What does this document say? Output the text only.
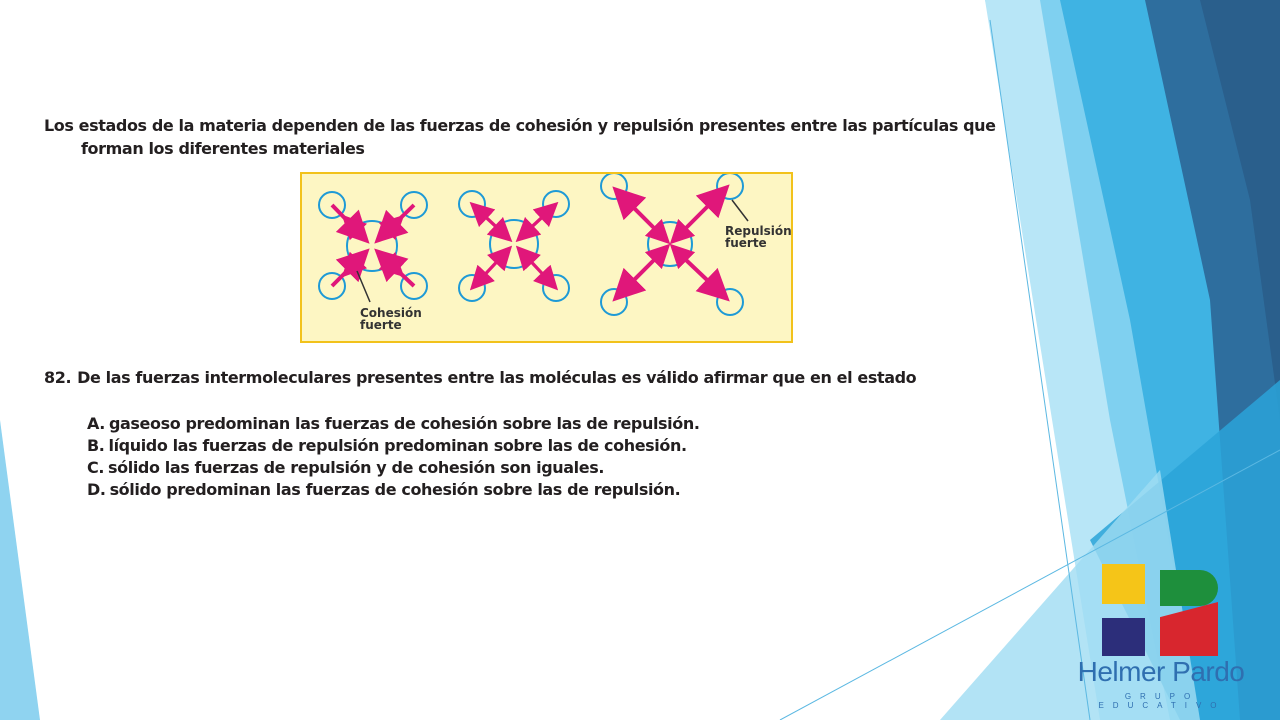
Los estados de la materia dependen de las fuerzas de cohesión y repulsión presentes entre las partículas que
forman los diferentes materiales
Cohesión
fuerte
Repulsión
fuerte
82. De las fuerzas intermoleculares presentes entre las moléculas es válido afirmar que en el estado
A. gaseoso predominan las fuerzas de cohesión sobre las de repulsión.
B. líquido las fuerzas de repulsión predominan sobre las de cohesión.
C. sólido las fuerzas de repulsión y de cohesión son iguales.
D. sólido predominan las fuerzas de cohesión sobre las de repulsión.
Helmer Pardo
GRUPO EDUCATIVO
